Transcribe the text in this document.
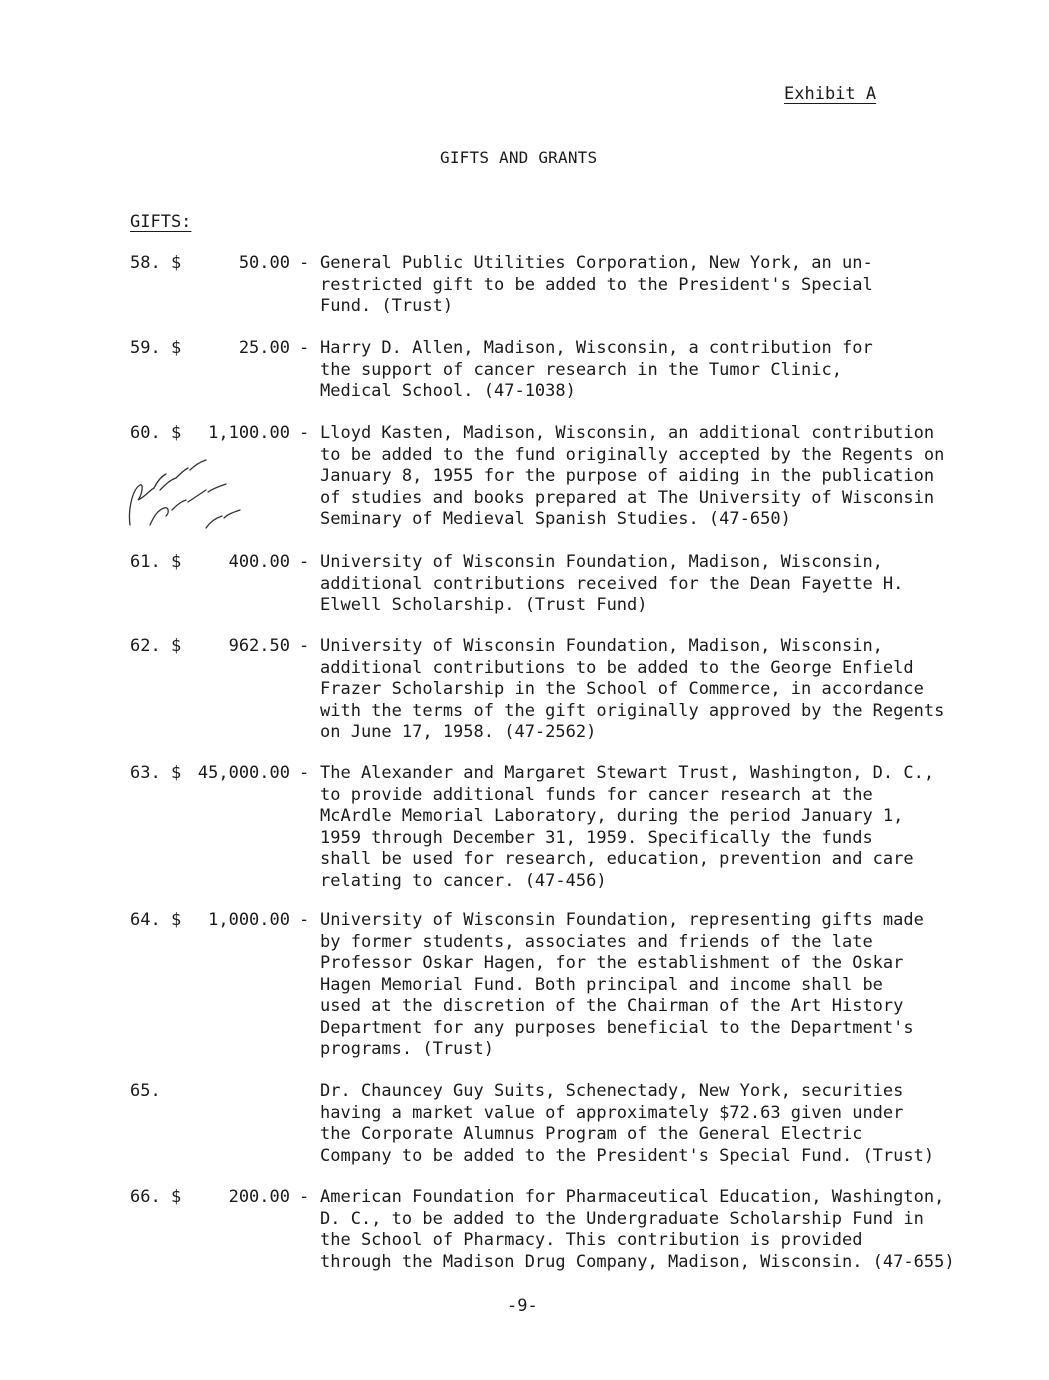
Exhibit A
GIFTS AND GRANTS
GIFTS:
58. $	50.00 - General Public Utilities Corporation, New York, an un-
restricted gift to be added to the President's Special
Fund. (Trust)
59. $	25.00 - Harry D. Allen, Madison, Wisconsin, a contribution for
the support of cancer research in the Tumor Clinic,
Medical School. (47-1038)
60. $ 1,100.00 - Lloyd Kasten, Madison, Wisconsin, an additional contribution
to be added to the fund originally accepted by the Regents on
January 8, 1955 for the purpose of aiding in the publication
of studies and books prepared at The University of Wisconsin
Seminary of Medieval Spanish Studies. (47-650)
61. $	400.00 - University of Wisconsin Foundation, Madison, Wisconsin,
additional contributions received for the Dean Fayette H.
Elwell Scholarship. (Trust Fund)
62. $	962.50 - University of Wisconsin Foundation, Madison, Wisconsin,
additional contributions to be added to the George Enfield
Frazer Scholarship in the School of Commerce, in accordance
with the terms of the gift originally approved by the Regents
on June 17, 1958. (47-2562)
63. $ 45,000.00 - The Alexander and Margaret Stewart Trust, Washington, D. C.,
to provide additional funds for cancer research at the
McArdle Memorial Laboratory, during the period January 1,
1959 through December 31, 1959. Specifically the funds
shall be used for research, education, prevention and care
relating to cancer. (47-456)
64. $ 1,000.00 - University of Wisconsin Foundation, representing gifts made
by former students, associates and friends of the late
Professor Oskar Hagen, for the establishment of the Oskar
Hagen Memorial Fund. Both principal and income shall be
used at the discretion of the Chairman of the Art History
Department for any purposes beneficial to the Department's
programs. (Trust)
65.	Dr. Chauncey Guy Suits, Schenectady, New York, securities
having a market value of approximately $72.63 given under
the Corporate Alumnus Program of the General Electric
Company to be added to the President's Special Fund. (Trust)
66. $	200.00 - American Foundation for Pharmaceutical Education, Washington,
D. C., to be added to the Undergraduate Scholarship Fund in
the School of Pharmacy. This contribution is provided
through the Madison Drug Company, Madison, Wisconsin. (47-655)
-9-
